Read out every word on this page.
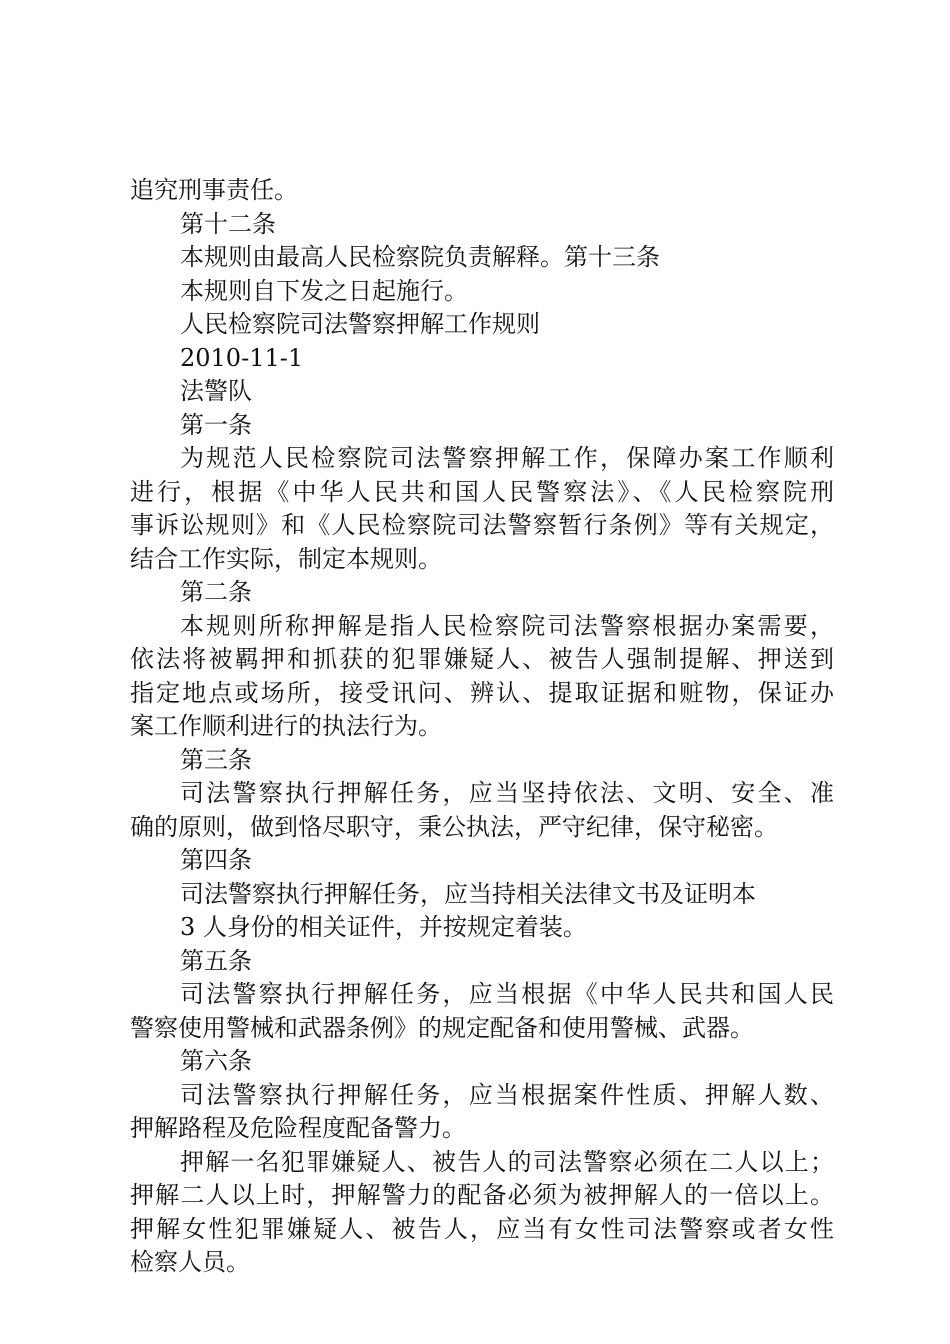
追究刑事责任。
第十二条
本规则由最高人民检察院负责解释。第十三条
本规则自下发之日起施行。
人民检察院司法警察押解工作规则
2010-11-1
法警队
第一条
为规范人民检察院司法警察押解工作，保障办案工作顺利
进行，根据《中华人民共和国人民警察法》、《人民检察院刑
事诉讼规则》和《人民检察院司法警察暂行条例》等有关规定，
结合工作实际，制定本规则。
第二条
本规则所称押解是指人民检察院司法警察根据办案需要，
依法将被羁押和抓获的犯罪嫌疑人、被告人强制提解、押送到
指定地点或场所，接受讯问、辨认、提取证据和赃物，保证办
案工作顺利进行的执法行为。
第三条
司法警察执行押解任务，应当坚持依法、文明、安全、准
确的原则，做到恪尽职守，秉公执法，严守纪律，保守秘密。
第四条
司法警察执行押解任务，应当持相关法律文书及证明本
3 人身份的相关证件，并按规定着装。
第五条
司法警察执行押解任务，应当根据《中华人民共和国人民
警察使用警械和武器条例》的规定配备和使用警械、武器。
第六条
司法警察执行押解任务，应当根据案件性质、押解人数、
押解路程及危险程度配备警力。
押解一名犯罪嫌疑人、被告人的司法警察必须在二人以上；
押解二人以上时，押解警力的配备必须为被押解人的一倍以上。
押解女性犯罪嫌疑人、被告人，应当有女性司法警察或者女性
检察人员。
